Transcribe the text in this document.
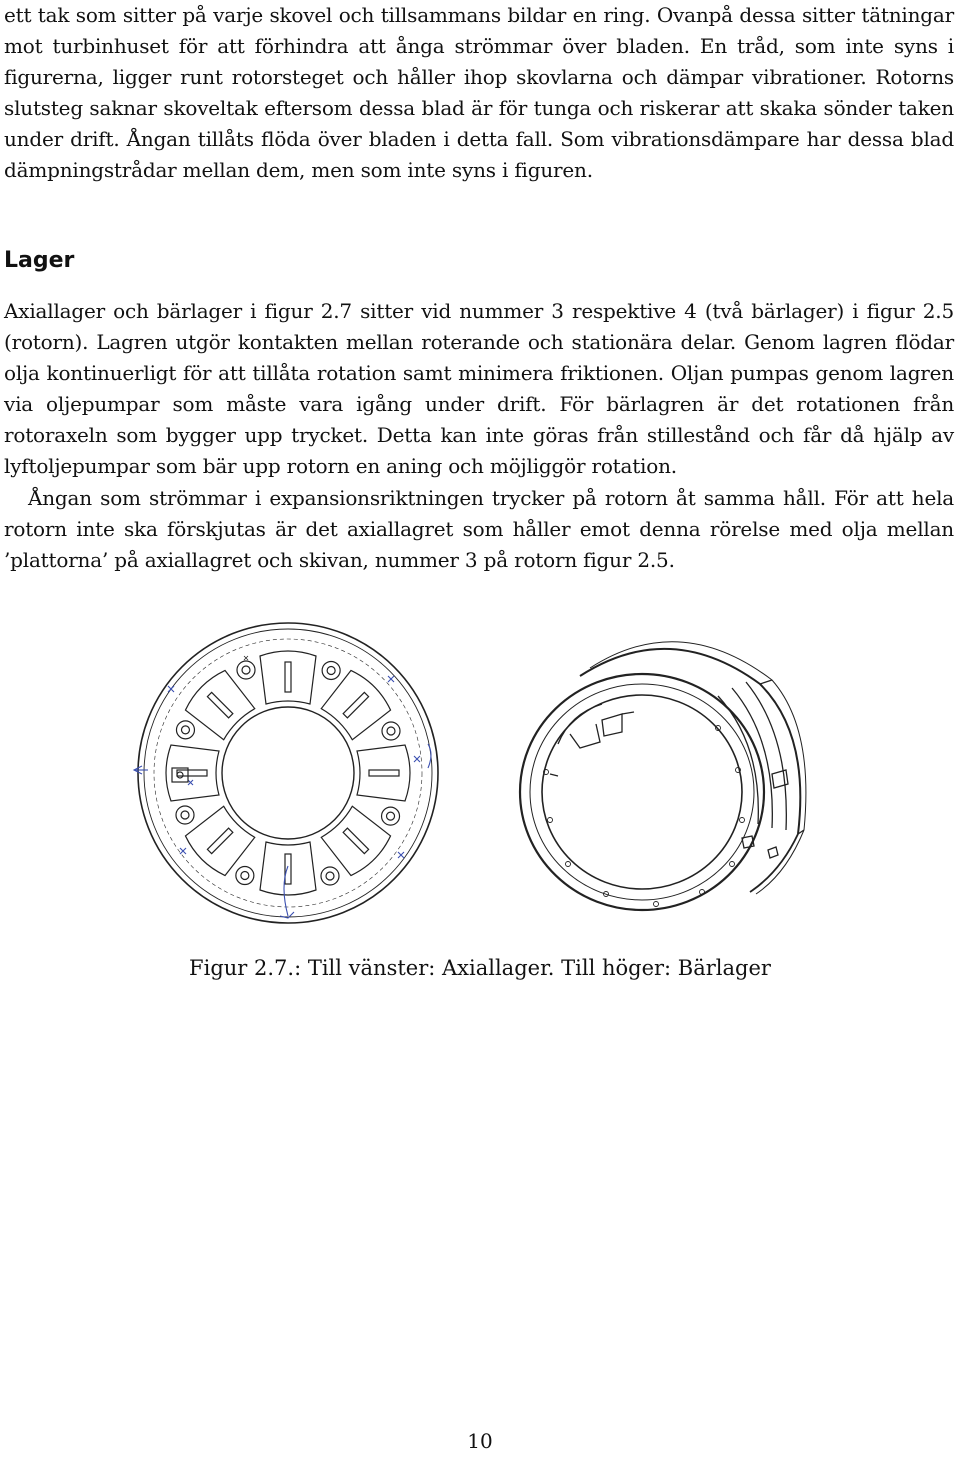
ett tak som sitter på varje skovel och tillsammans bildar en ring. Ovanpå dessa sitter tätningar mot turbinhuset för att förhindra att ånga strömmar över bladen. En tråd, som inte syns i figurerna, ligger runt rotorsteget och håller ihop skovlarna och dämpar vibrationer. Rotorns slutsteg saknar skoveltak eftersom dessa blad är för tunga och riskerar att skaka sönder taken under drift. Ångan tillåts flöda över bladen i detta fall. Som vibrationsdämpare har dessa blad dämpningstrådar mellan dem, men som inte syns i figuren.

Lager

Axiallager och bärlager i figur 2.7 sitter vid nummer 3 respektive 4 (två bärlager) i figur 2.5 (rotorn). Lagren utgör kontakten mellan roterande och stationära delar. Genom lagren flödar olja kontinuerligt för att tillåta rotation samt minimera friktionen. Oljan pumpas genom lagren via oljepumpar som måste vara igång under drift. För bärlagren är det rotationen från rotoraxeln som bygger upp trycket. Detta kan inte göras från stillestånd och får då hjälp av lyftoljepumpar som bär upp rotorn en aning och möjliggör rotation.

Ångan som strömmar i expansionsriktningen trycker på rotorn åt samma håll. För att hela rotorn inte ska förskjutas är det axiallagret som håller emot denna rörelse med olja mellan ’plattorna’ på axiallagret och skivan, nummer 3 på rotorn figur 2.5.

Figur 2.7.: Till vänster: Axiallager. Till höger: Bärlager

10
